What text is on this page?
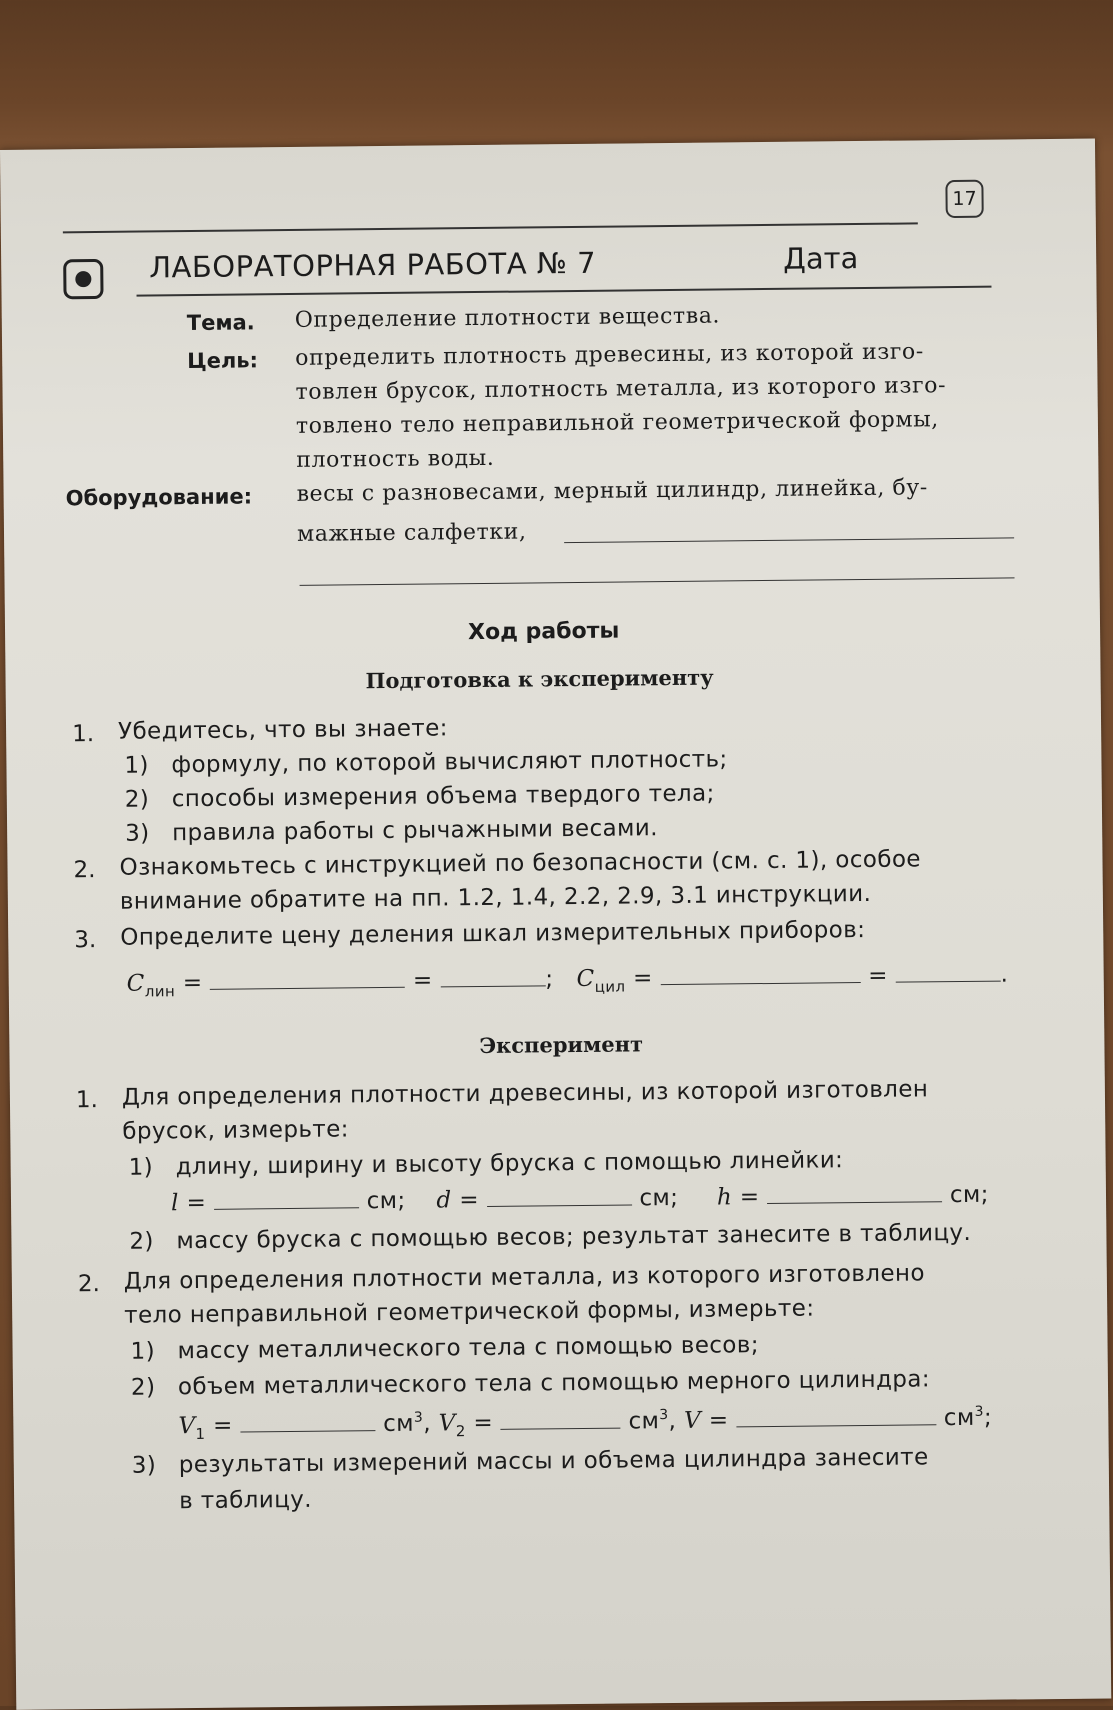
17
ЛАБОРАТОРНАЯ РАБОТА № 7	Дата
Тема. Определение плотности вещества.
Цель: определить плотность древесины, из которой изго-
товлен брусок, плотность металла, из которого изго-
товлено тело неправильной геометрической формы,
плотность воды.
Оборудование: весы с разновесами, мерный цилиндр, линейка, бу-
мажные салфетки,
Ход работы
Подготовка к эксперименту
1. Убедитесь, что вы знаете:
1) формулу, по которой вычисляют плотность;
2) способы измерения объема твердого тела;
3) правила работы с рычажными весами.
2. Ознакомьтесь с инструкцией по безопасности (см. с. 1), особое
внимание обратите на пп. 1.2, 1.4, 2.2, 2.9, 3.1 инструкции.
3. Определите цену деления шкал измерительных приборов:
$C_{лин}$ =	=	; $C_{цил}$ =	=	.
Эксперимент
1. Для определения плотности древесины, из которой изготовлен
брусок, измерьте:
1) длину, ширину и высоту бруска с помощью линейки:
l =	см; d =	см; h =	см;
2) массу бруска с помощью весов; результат занесите в таблицу.
2. Для определения плотности металла, из которого изготовлено
тело неправильной геометрической формы, измерьте:
1) массу металлического тела с помощью весов;
2) объем металлического тела с помощью мерного цилиндра:
$V_1$ =	$см^3$, $V_2$ =	$см^3$, V =	$см^3$;
3) результаты измерений массы и объема цилиндра занесите
в таблицу.
